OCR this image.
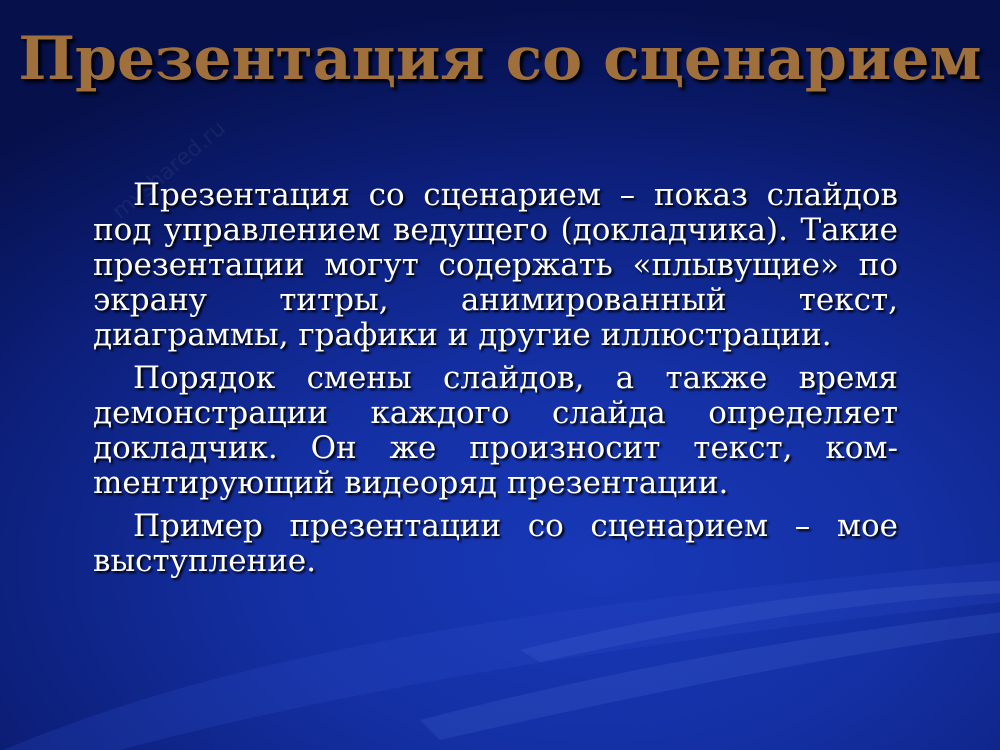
myshared.ru
Презентация со сценарием

Презентация со сценарием – показ слайдов под управлением ведущего (докладчика). Такие презентации могут содержать «плывущие» по экрану титры, анимированный текст, диаграммы, графики и другие иллюстрации.

Порядок смены слайдов, а также время демонстрации каждого слайда определяет докладчик. Он же произносит текст, комmентирующий видеоряд презентации.

Пример презентации со сценарием – мое выступление.
